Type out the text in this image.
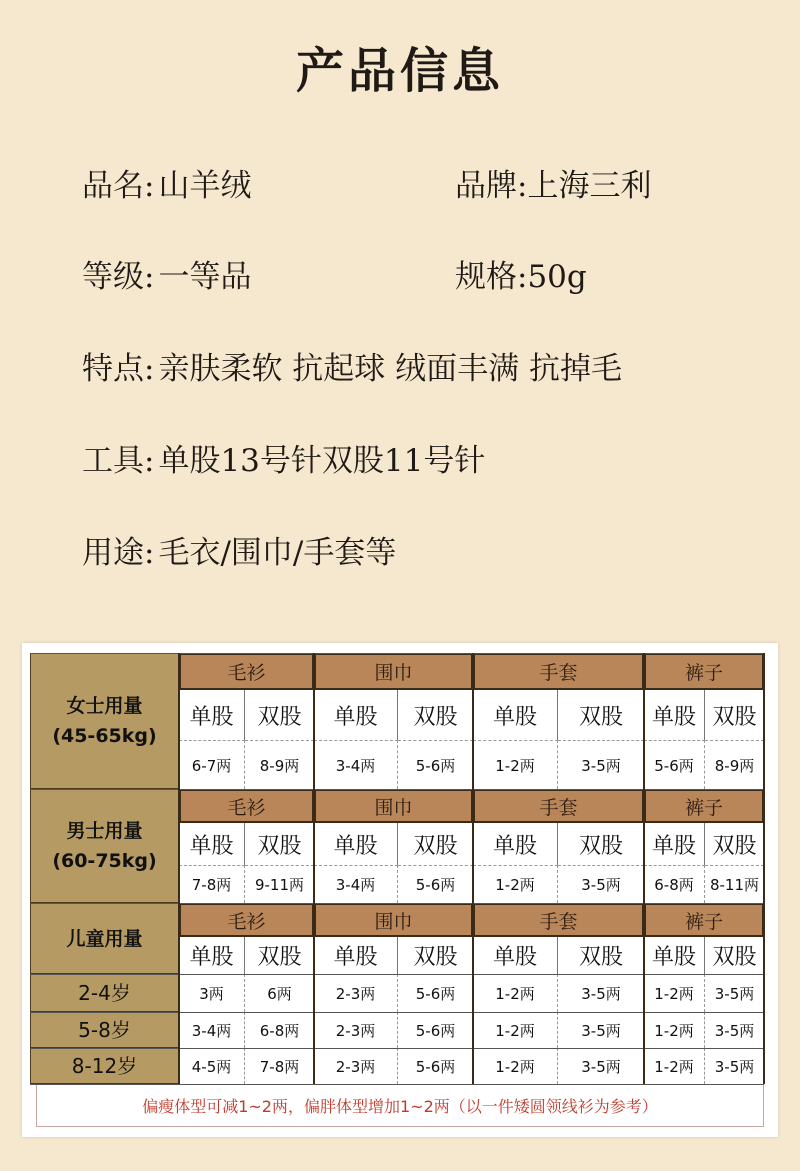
产品信息
品名: 山羊绒	品牌:上海三利
等级: 一等品	规格:50g
特点: 亲肤柔软 抗起球 绒面丰满 抗掉毛
工具: 单股13号针双股11号针
用途: 毛衣/围巾/手套等
偏瘦体型可减1~2两，偏胖体型增加1~2两（以一件矮圆领线衫为参考）
女士用量
(45-65kg)
毛衫	围巾	手套	裤子
单股	双股	单股	双股	单股	双股	单股 双股
6-7两	8-9两	3-4两	5-6两	1-2两	3-5两	5-6两	8-9两
男士用量
(60-75kg)
毛衫	围巾	手套	裤子
单股	双股	单股	双股	单股	双股	单股 双股
7-8两	9-11两	3-4两	5-6两	1-2两	3-5两	6-8两	8-11两
儿童用量
毛衫	围巾	手套	裤子
单股	双股	单股	双股	单股	双股	单股 双股
2-4岁	3两	6两	2-3两	5-6两	1-2两	3-5两	1-2两	3-5两
5-8岁	3-4两	6-8两	2-3两	5-6两	1-2两	3-5两	1-2两	3-5两
8-12岁	4-5两	7-8两	2-3两	5-6两	1-2两	3-5两	1-2两	3-5两
